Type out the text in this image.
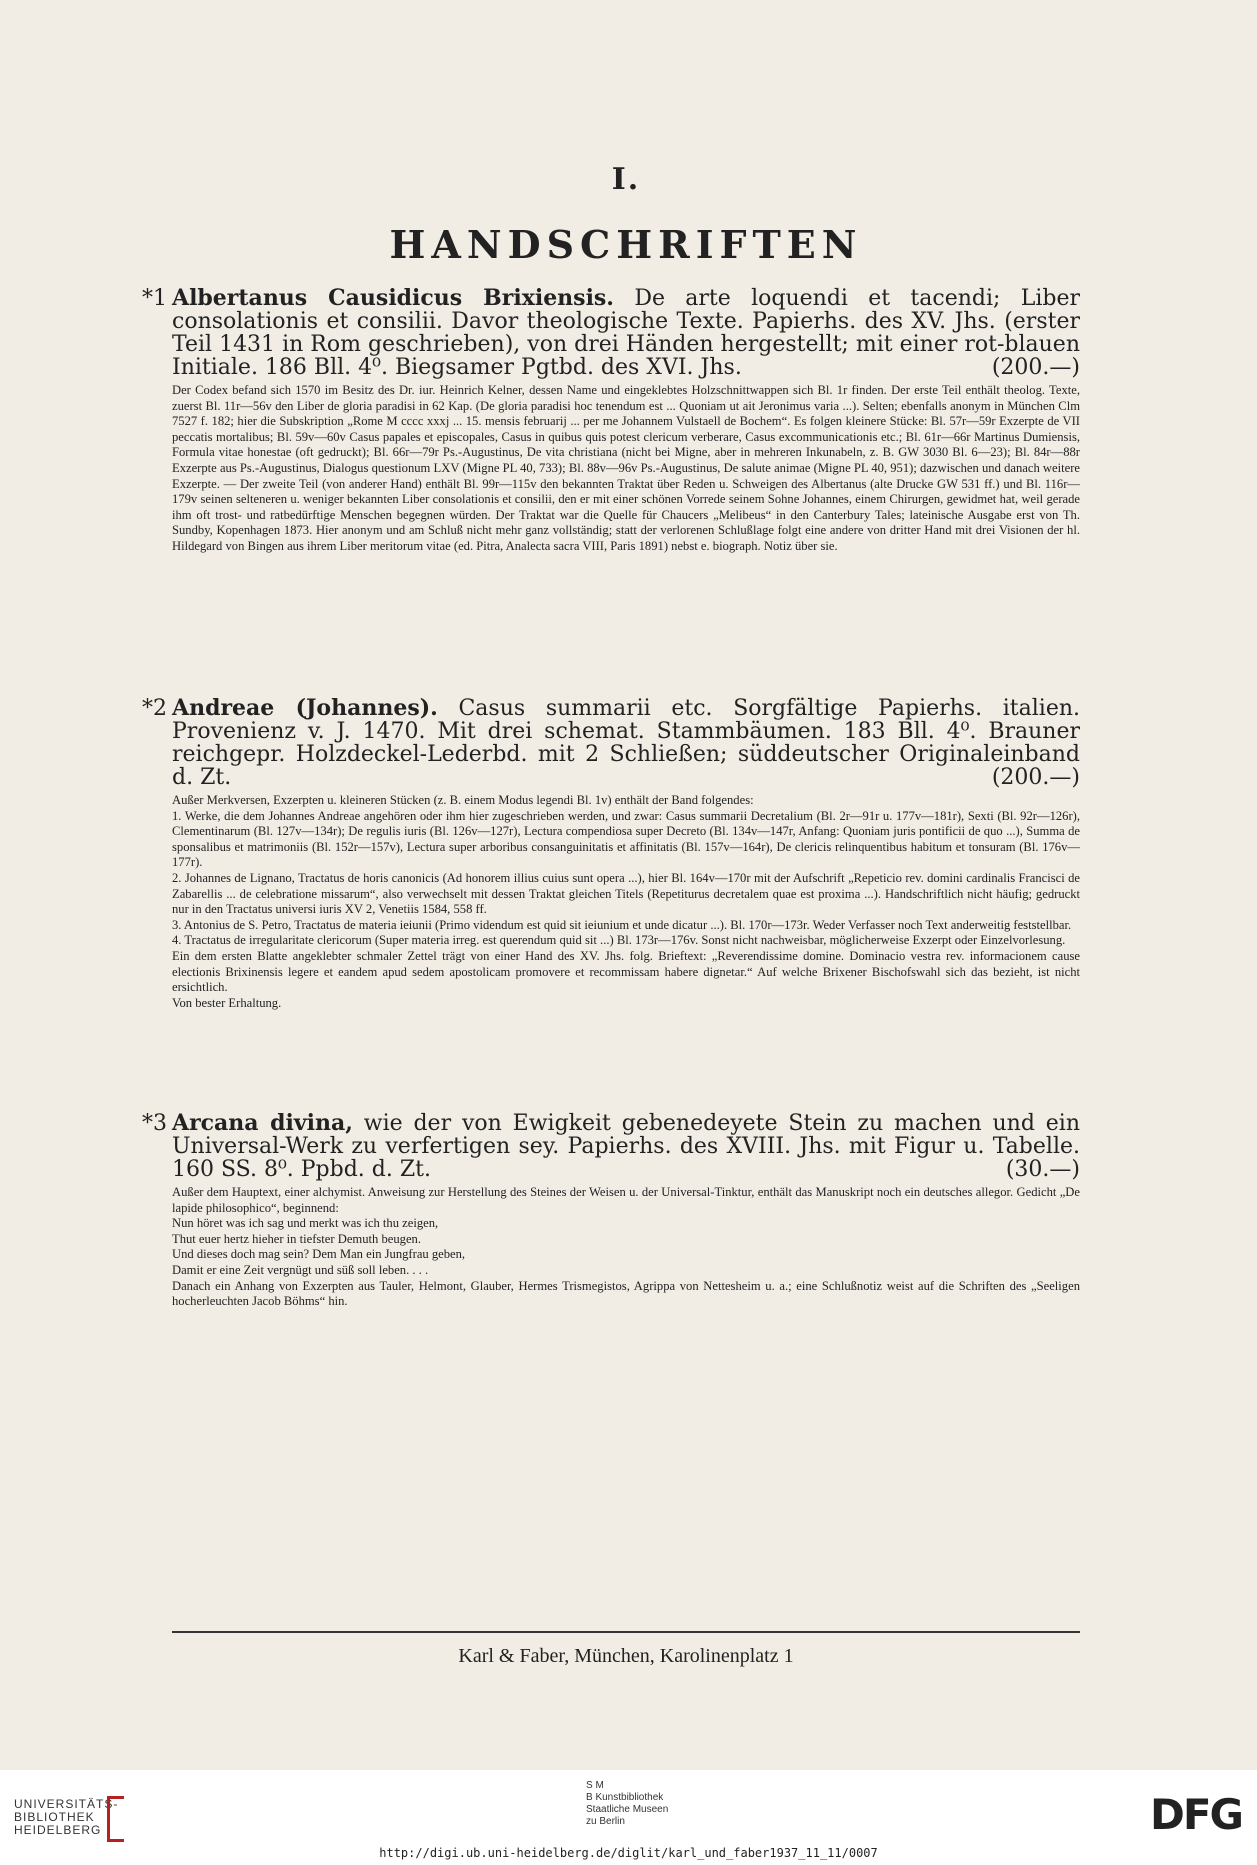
I.
HANDSCHRIFTEN
*1 Albertanus Causidicus Brixiensis. De arte loquendi et tacendi; Liber consolationis et consilii. Davor theologische Texte. Papierhs. des XV. Jhs. (erster Teil 1431 in Rom geschrieben), von drei Händen hergestellt; mit einer rot-blauen Initiale. 186 Bll. 4⁰. Biegsamer Pgtbd. des XVI. Jhs.	(200.—)

Der Codex befand sich 1570 im Besitz des Dr. iur. Heinrich Kelner, dessen Name und eingeklebtes Holzschnittwappen sich Bl. 1r finden. Der erste Teil enthält theolog. Texte, zuerst Bl. 11r—56v den Liber de gloria paradisi in 62 Kap. (De gloria paradisi hoc tenendum est ... Quoniam ut ait Jeronimus varia ...). Selten; ebenfalls anonym in München Clm 7527 f. 182; hier die Subskription „Rome M cccc xxxj ... 15. mensis februarij ... per me Johannem Vulstaell de Bochem“. Es folgen kleinere Stücke: Bl. 57r—59r Exzerpte de VII peccatis mortalibus; Bl. 59v—60v Casus papales et episcopales, Casus in quibus quis potest clericum verberare, Casus excommunicationis etc.; Bl. 61r—66r Martinus Dumiensis, Formula vitae honestae (oft gedruckt); Bl. 66r—79r Ps.-Augustinus, De vita christiana (nicht bei Migne, aber in mehreren Inkunabeln, z. B. GW 3030 Bl. 6—23); Bl. 84r—88r Exzerpte aus Ps.-Augustinus, Dialogus questionum LXV (Migne PL 40, 733); Bl. 88v—96v Ps.-Augustinus, De salute animae (Migne PL 40, 951); dazwischen und danach weitere Exzerpte. — Der zweite Teil (von anderer Hand) enthält Bl. 99r—115v den bekannten Traktat über Reden u. Schweigen des Albertanus (alte Drucke GW 531 ff.) und Bl. 116r—179v seinen selteneren u. weniger bekannten Liber consolationis et consilii, den er mit einer schönen Vorrede seinem Sohne Johannes, einem Chirurgen, gewidmet hat, weil gerade ihm oft trost- und ratbedürftige Menschen begegnen würden. Der Traktat war die Quelle für Chaucers „Melibeus“ in den Canterbury Tales; lateinische Ausgabe erst von Th. Sundby, Kopenhagen 1873. Hier anonym und am Schluß nicht mehr ganz vollständig; statt der verlorenen Schlußlage folgt eine andere von dritter Hand mit drei Visionen der hl. Hildegard von Bingen aus ihrem Liber meritorum vitae (ed. Pitra, Analecta sacra VIII, Paris 1891) nebst e. biograph. Notiz über sie.

*2 Andreae (Johannes). Casus summarii etc. Sorgfältige Papierhs. italien. Provenienz v. J. 1470. Mit drei schemat. Stammbäumen. 183 Bll. 4⁰. Brauner reichgepr. Holzdeckel-Lederbd. mit 2 Schließen; süddeutscher Originaleinband d. Zt.	(200.—)

Außer Merkversen, Exzerpten u. kleineren Stücken (z. B. einem Modus legendi Bl. 1v) enthält der Band folgendes:

1. Werke, die dem Johannes Andreae angehören oder ihm hier zugeschrieben werden, und zwar: Casus summarii Decretalium (Bl. 2r—91r u. 177v—181r), Sexti (Bl. 92r—126r), Clementinarum (Bl. 127v—134r); De regulis iuris (Bl. 126v—127r), Lectura compendiosa super Decreto (Bl. 134v—147r, Anfang: Quoniam juris pontificii de quo ...), Summa de sponsalibus et matrimoniis (Bl. 152r—157v), Lectura super arboribus consanguinitatis et affinitatis (Bl. 157v—164r), De clericis relinquentibus habitum et tonsuram (Bl. 176v—177r).

2. Johannes de Lignano, Tractatus de horis canonicis (Ad honorem illius cuius sunt opera ...), hier Bl. 164v—170r mit der Aufschrift „Repeticio rev. domini cardinalis Francisci de Zabarellis ... de celebratione missarum“, also verwechselt mit dessen Traktat gleichen Titels (Repetiturus decretalem quae est proxima ...). Handschriftlich nicht häufig; gedruckt nur in den Tractatus universi iuris XV 2, Venetiis 1584, 558 ff.

3. Antonius de S. Petro, Tractatus de materia ieiunii (Primo videndum est quid sit ieiunium et unde dicatur ...). Bl. 170r—173r. Weder Verfasser noch Text anderweitig feststellbar.

4. Tractatus de irregularitate clericorum (Super materia irreg. est querendum quid sit ...) Bl. 173r—176v. Sonst nicht nachweisbar, möglicherweise Exzerpt oder Einzelvorlesung.

Ein dem ersten Blatte angeklebter schmaler Zettel trägt von einer Hand des XV. Jhs. folg. Brieftext: „Reverendissime domine. Dominacio vestra rev. informacionem cause electionis Brixinensis legere et eandem apud sedem apostolicam promovere et recommissam habere dignetar.“ Auf welche Brixener Bischofswahl sich das bezieht, ist nicht ersichtlich.

Von bester Erhaltung.

*3 Arcana divina, wie der von Ewigkeit gebenedeyete Stein zu machen und ein Universal-Werk zu verfertigen sey. Papierhs. des XVIII. Jhs. mit Figur u. Tabelle. 160 SS. 8⁰. Ppbd. d. Zt.	(30.—)

Außer dem Hauptext, einer alchymist. Anweisung zur Herstellung des Steines der Weisen u. der Universal-Tinktur, enthält das Manuskript noch ein deutsches allegor. Gedicht „De lapide philosophico“, beginnend:

Nun höret was ich sag und merkt was ich thu zeigen,

Thut euer hertz hieher in tiefster Demuth beugen.

Und dieses doch mag sein? Dem Man ein Jungfrau geben,

Damit er eine Zeit vergnügt und süß soll leben. . . .

Danach ein Anhang von Exzerpten aus Tauler, Helmont, Glauber, Hermes Trismegistos, Agrippa von Nettesheim u. a.; eine Schlußnotiz weist auf die Schriften des „Seeligen hocherleuchten Jacob Böhms“ hin.

Karl & Faber, München, Karolinenplatz 1
UNIVERSITÄTS-
BIBLIOTHEK
HEIDELBERG
S M
B Kunstbibliothek
Staatliche Museen
zu Berlin	DFG
http://digi.ub.uni-heidelberg.de/diglit/karl_und_faber1937_11_11/0007
